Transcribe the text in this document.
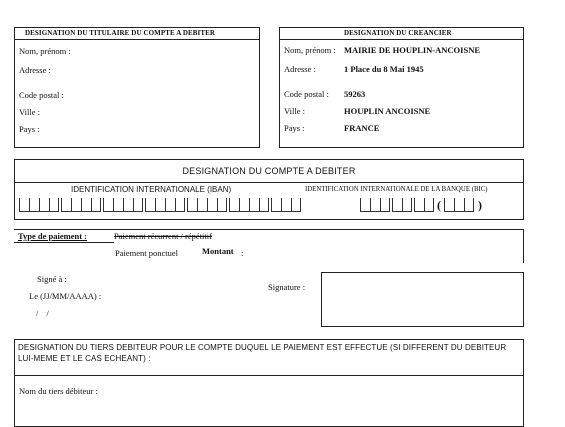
DESIGNATION DU TITULAIRE DU COMPTE A DEBITER
Nom, prénom :
Adresse :
Code postal :
Ville :
Pays :
DESIGNATION DU CREANCIER
Nom, prénom : MAIRIE DE HOUPLIN-ANCOISNE
Adresse :	1 Place du 8 Mai 1945
Code postal : 59263
Ville :	HOUPLIN ANCOISNE
Pays :	FRANCE
DESIGNATION DU COMPTE A DEBITER
IDENTIFICATION INTERNATIONALE (IBAN)	IDENTIFICATION INTERNATIONALE DE LA BANQUE (BIC)
(	)
Type de paiement :	Paiement récurrent / répétitif
Paiement ponctuel	Montant :
Signé à :
Le (JJ/MM/AAAA) :
/ /
Signature :
DESIGNATION DU TIERS DEBITEUR POUR LE COMPTE DUQUEL LE PAIEMENT EST EFFECTUE (SI DIFFERENT DU DEBITEUR LUI-MEME ET LE CAS ECHEANT) :
Nom du tiers débiteur :
